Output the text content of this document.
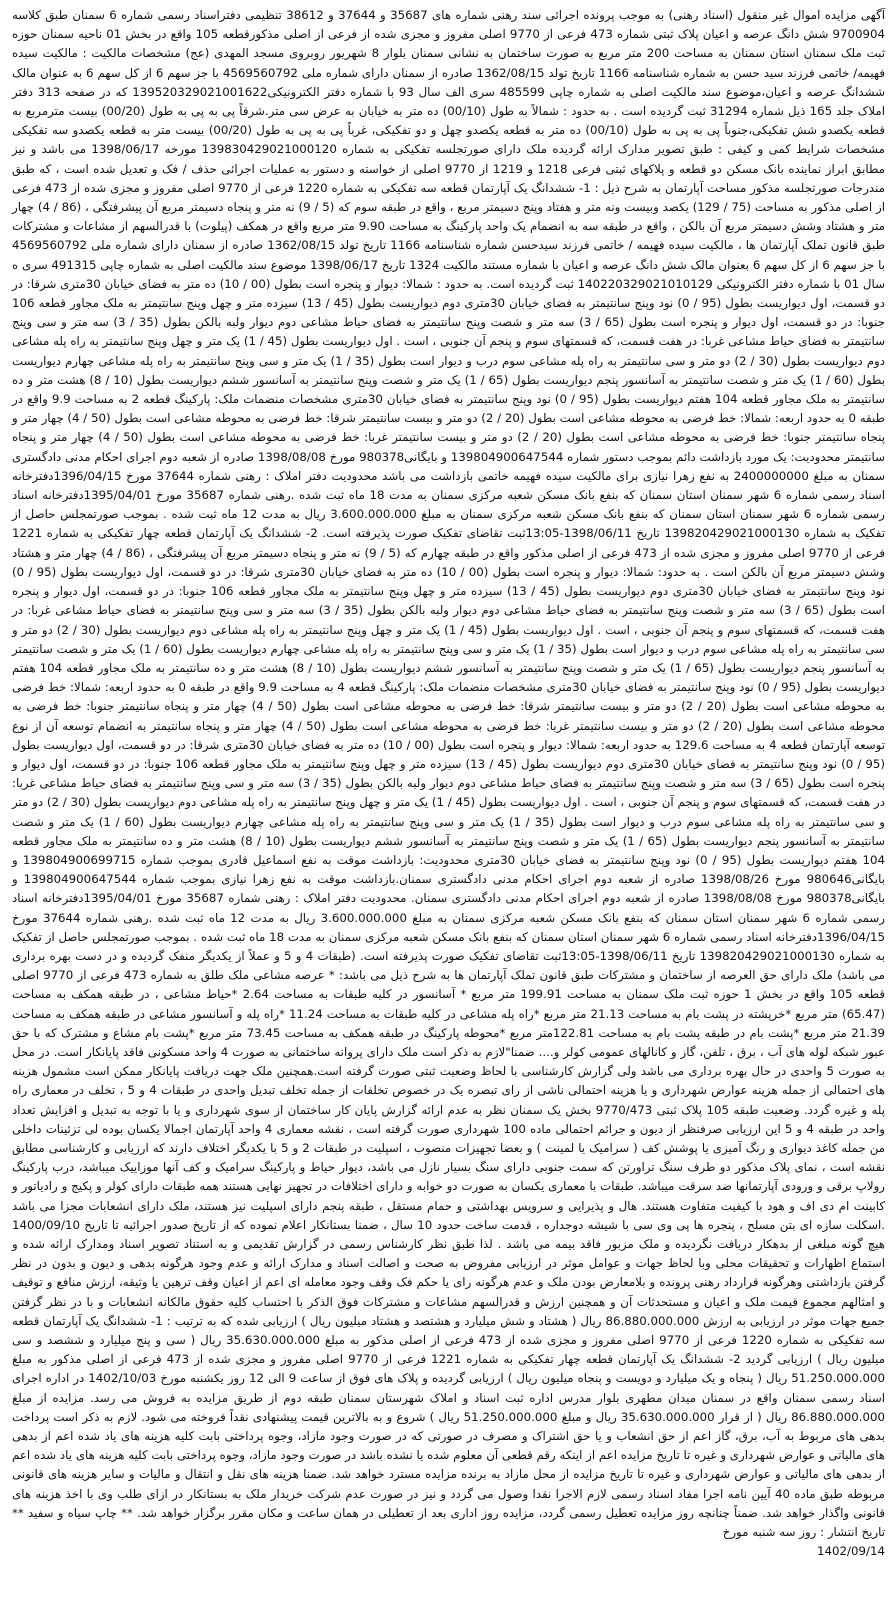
آگهی مزایده اموال غیر منقول (اسناد رهنی) به موجب پرونده اجرائی سند رهنی شماره های 35687 و 37644 و 38612 تنظیمی دفتراسناد رسمی شماره 6 سمنان طبق کلاسه 9700904 شش دانگ عرصه و اعیان پلاک ثبتی شماره 473 فرعی از 9770 اصلی مفروز و مجزی شده از فرعی از اصلی مذکورقطعه 105 واقع در بخش 01 ناحیه سمنان حوزه ثبت ملک سمنان استان سمنان به مساحت 200 متر مربع به صورت ساختمان به نشانی سمنان بلوار 8 شهریور روبروی مسجد المهدی (عج) مشخصات مالکیت : مالکیت سیده فهیمه/ خاتمی فرزند سید حسن به شماره شناسنامه 1166 تاریخ تولد 1362/08/15 صادره از سمنان دارای شماره ملی 4569560792 با جز سهم 6 از کل سهم 6 به عنوان مالک ششدانگ عرصه و اعیان،موضوع سند مالکیت اصلی به شماره چاپی 485599 سری الف سال 93 با شماره دفتر الکترونیکی139520329021001622 که در صفحه 313 دفتر املاک جلد 165 ذیل شماره 31294 ثبت گردیده است . به حدود : شمالاً به طول (00/10) ده متر به خیابان به عرض سی متر.شرقاً پی به پی به طول (00/20) بیست مترمربع به قطعه یکصدو شش تفکیکی،جنوباً پی به پی به طول (00/10) ده متر به قطعه یکصدو چهل و دو تفکیکی، غرباً پی به پی به طول (00/20) بیست متر به قطعه یکصدو سه تفکیکی مشخصات شرایط کمی و کیفی : طبق تصویر مدارک ارائه گردیده ملک دارای صورتجلسه تفکیکی به شماره 139830429021000120 مورخه 1398/06/17 می باشد و نیز مطابق ابراز نماینده بانک مسکن دو قطعه و پلاکهای ثبتی فرعی 1218 و 1219 از 9770 اصلی از خواسته و دستور به عملیات اجرائی حذف / فک و تعدیل شده است ، که طبق مندرجات صورتجلسه مذکور مساحت آپارتمان به شرح ذیل : 1- ششدانگ یک آپارتمان قطعه سه تفکیکی به شماره 1220 فرعی از 9770 اصلی مفروز و مجزی شده از 473 فرعی از اصلی مذکور به مساحت (75 / 129) یکصد وبیست ونه متر و هفتاد وپنج دسیمتر مربع ، واقع در طبقه سوم که (5 / 9) نه متر و پنجاه دسیمتر مربع آن پیشرفتگی ، (86 / 4) چهار متر و هشتاد وشش دسیمتر مربع آن بالکن ، واقع در طبقه سه به انضمام یک واحد پارکینگ به مساحت 9.90 متر مربع واقع در همکف (پیلوت) با قدرالسهم از مشاعات و مشترکات طبق قانون تملک آپارتمان ها ، مالکیت سیده فهیمه / خاتمی فرزند سیدحسن شماره شناسنامه 1166 تاریخ تولد 1362/08/15 صادره از سمنان دارای شماره ملی 4569560792 با جز سهم 6 از کل سهم 6 بعنوان مالک شش دانگ عرصه و اعیان با شماره مستند مالکیت 1324 تاریخ 1398/06/17 موضوع سند مالکیت اصلی به شماره چاپی 491315 سری ه سال 01 با شماره دفتر الکترونیکی 140220329021010129 ثبت گردیده است. به حدود : شمالا: دیوار و پنجره است بطول (00 / 10) ده متر به فضای خیابان 30متری شرقا: در دو قسمت، اول دیواریست بطول (95 / 0) نود وپنج سانتیمتر به فضای خیابان 30متری دوم دیواریست بطول (45 / 13) سیزده متر و چهل وپنج سانتیمتر به ملک مجاور قطعه 106 جنوبا: در دو قسمت، اول دیوار و پنجره است بطول (65 / 3) سه متر و شصت وپنج سانتیمتر به فضای حیاط مشاعی دوم دیوار ولبه بالکن بطول (35 / 3) سه متر و سی وپنج سانتیمتر به فضای حیاط مشاعی غربا: در هفت قسمت، که قسمتهای سوم و پنجم آن جنوبی ، است . اول دیواریست بطول (45 / 1) یک متر و چهل وپنج سانتیمتر به راه پله مشاعی دوم دیواریست بطول (30 / 2) دو متر و سی سانتیمتر به راه پله مشاعی سوم درب و دیوار است بطول (35 / 1) یک متر و سی وپنج سانتیمتر به راه پله مشاعی چهارم دیواریست بطول (60 / 1) یک متر و شصت سانتیمتر به آسانسور پنجم دیواریست بطول (65 / 1) یک متر و شصت وپنج سانتیمتر به آسانسور ششم دیواریست بطول (10 / 8) هشت متر و ده سانتیمتر به ملک مجاور قطعه 104 هفتم دیواریست بطول (95 / 0) نود وپنج سانتیمتر به فضای خیابان 30متری مشخصات منضمات ملک: پارکینگ قطعه 2 به مساحت 9.9 واقع در طبقه 0 به حدود اربعه: شمالا: خط فرضی به محوطه مشاعی است بطول (20 / 2) دو متر و بیست سانتیمتر شرقا: خط فرضی به محوطه مشاعی است بطول (50 / 4) چهار متر و پنجاه سانتیمتر جنوبا: خط فرضی به محوطه مشاعی است بطول (20 / 2) دو متر و بیست سانتیمتر غربا: خط فرضی به محوطه مشاعی است بطول (50 / 4) چهار متر و پنجاه سانتیمتر محدودیت: یک مورد بازداشت دائم بموجب دستور شماره 139804900647544 و بایگانی980378 مورخ 1398/08/08 صادره از شعبه دوم اجرای احکام مدنی دادگستری سمنان به مبلغ 2400000000 به نفع زهرا نیازی برای مالکیت سیده فهیمه خاتمی بازداشت می باشد محدودیت دفتر املاک : رهنی شماره 37644 مورخ 1396/04/15دفترخانه اسناد رسمی شماره 6 شهر سمنان استان سمنان که بنفع بانک مسکن شعبه مرکزی سمنان به مدت 18 ماه ثبت شده .رهنی شماره 35687 مورخ 1395/04/01دفترخانه اسناد رسمی شماره 6 شهر سمنان استان سمنان که بنفع بانک مسکن شعبه مرکزی سمنان به مبلغ 3.600.000.000 ریال به مدت 12 ماه ثبت شده . بموجب صورتمجلس حاصل از تفکیک به شماره 139820429021000130 تاریخ 1398/06/11-13:05ثبت تقاضای تفکیک صورت پذیرفته است. 2- ششدانگ یک آپارتمان قطعه چهار تفکیکی به شماره 1221 فرعی از 9770 اصلی مفروز و مجزی شده از 473 فرعی از اصلی مذکور واقع در طبقه چهارم که (5 / 9) نه متر و پنجاه دسیمتر مربع آن پیشرفتگی ، (86 / 4) چهار متر و هشتاد وشش دسیمتر مربع آن بالکن است . به حدود: شمالا: دیوار و پنجره است بطول (00 / 10) ده متر به فضای خیابان 30متری شرقا: در دو قسمت، اول دیواریست بطول (95 / 0) نود وپنج سانتیمتر به فضای خیابان 30متری دوم دیواریست بطول (45 / 13) سیزده متر و چهل وپنج سانتیمتر به ملک مجاور قطعه 106 جنوبا: در دو قسمت، اول دیوار و پنجره است بطول (65 / 3) سه متر و شصت وپنج سانتیمتر به فضای حیاط مشاعی دوم دیوار ولبه بالکن بطول (35 / 3) سه متر و سی وپنج سانتیمتر به فضای حیاط مشاعی غربا: در هفت قسمت، که قسمتهای سوم و پنجم آن جنوبی ، است . اول دیواریست بطول (45 / 1) یک متر و چهل وپنج سانتیمتر به راه پله مشاعی دوم دیواریست بطول (30 / 2) دو متر و سی سانتیمتر به راه پله مشاعی سوم درب و دیوار است بطول (35 / 1) یک متر و سی وپنج سانتیمتر به راه پله مشاعی چهارم دیواریست بطول (60 / 1) یک متر و شصت سانتیمتر به آسانسور پنجم دیواریست بطول (65 / 1) یک متر و شصت وپنج سانتیمتر به آسانسور ششم دیواریست بطول (10 / 8) هشت متر و ده سانتیمتر به ملک مجاور قطعه 104 هفتم دیواریست بطول (95 / 0) نود وپنج سانتیمتر به فضای خیابان 30متری مشخصات منضمات ملک: پارکینگ قطعه 4 به مساحت 9.9 واقع در طبقه 0 به حدود اربعه: شمالا: خط فرضی به محوطه مشاعی است بطول (20 / 2) دو متر و بیست سانتیمتر شرقا: خط فرضی به محوطه مشاعی است بطول (50 / 4) چهار متر و پنجاه سانتیمتر جنوبا: خط فرضی به محوطه مشاعی است بطول (20 / 2) دو متر و بیست سانتیمتر غربا: خط فرضی به محوطه مشاعی است بطول (50 / 4) چهار متر و پنجاه سانتیمتر به انضمام توسعه آن از نوع توسعه آپارتمان قطعه 4 به مساحت 129.6 به حدود اربعه: شمالا: دیوار و پنجره است بطول (00 / 10) ده متر به فضای خیابان 30متری شرقا: در دو قسمت، اول دیواریست بطول (95 / 0) نود وپنج سانتیمتر به فضای خیابان 30متری دوم دیواریست بطول (45 / 13) سیزده متر و چهل وپنج سانتیمتر به ملک مجاور قطعه 106 جنوبا: در دو قسمت، اول دیوار و پنجره است بطول (65 / 3) سه متر و شصت وپنج سانتیمتر به فضای حیاط مشاعی دوم دیوار ولبه بالکن بطول (35 / 3) سه متر و سی وپنج سانتیمتر به فضای حیاط مشاعی غربا: در هفت قسمت، که قسمتهای سوم و پنجم آن جنوبی ، است . اول دیواریست بطول (45 / 1) یک متر و چهل وپنج سانتیمتر به راه پله مشاعی دوم دیواریست بطول (30 / 2) دو متر و سی سانتیمتر به راه پله مشاعی سوم درب و دیوار است بطول (35 / 1) یک متر و سی وپنج سانتیمتر به راه پله مشاعی چهارم دیواریست بطول (60 / 1) یک متر و شصت سانتیمتر به آسانسور پنجم دیواریست بطول (65 / 1) یک متر و شصت وپنج سانتیمتر به آسانسور ششم دیواریست بطول (10 / 8) هشت متر و ده سانتیمتر به ملک مجاور قطعه 104 هفتم دیواریست بطول (95 / 0) نود وپنج سانتیمتر به فضای خیابان 30متری محدودیت: بازداشت موقت به نفع اسماعیل قادری بموجب شماره 139804900699715 و بایگانی980646 مورخ 1398/08/26 صادره از شعبه دوم اجرای احکام مدنی دادگستری سمنان.بازداشت موقت به نفع زهرا نیازی بموجب شماره 139804900647544 و بایگانی980378 مورخ 1398/08/08 صادره از شعبه دوم اجرای احکام مدنی دادگستری سمنان. محدودیت دفتر املاک : رهنی شماره 35687 مورخ 1395/04/01دفترخانه اسناد رسمی شماره 6 شهر سمنان استان سمنان که بنفع بانک مسکن شعبه مرکزی سمنان به مبلغ 3.600.000.000 ریال به مدت 12 ماه ثبت شده .رهنی شماره 37644 مورخ 1396/04/15دفترخانه اسناد رسمی شماره 6 شهر سمنان استان سمنان که بنفع بانک مسکن شعبه مرکزی سمنان به مدت 18 ماه ثبت شده . بموجب صورتمجلس حاصل از تفکیک به شماره 139820429021000130 تاریخ 1398/06/11-13:05ثبت تقاضای تفکیک صورت پذیرفته است. (طبقات 4 و 5 و عملاً از یکدیگر منفک گردیده و در دست بهره برداری می باشد) ملک دارای حق العرصه از ساختمان و مشترکات طبق قانون تملک آپارتمان ها به شرح ذیل می باشد: * عرصه مشاعی ملک طلق به شماره 473 فرعی از 9770 اصلی قطعه 105 واقع در بخش 1 حوزه ثبت ملک سمنان به مساحت 199.91 متر مربع * آسانسور در کلیه طبقات به مساحت 2.64 *حیاط مشاعی ، در طبقه همکف به مساحت (65.47) متر مربع *خرپشته در پشت بام به مساحت 21.13 متر مربع *راه پله مشاعی در کلیه طبقات به مساحت 11.24 *راه پله و آسانسور مشاعی در طبقه همکف به مساحت 21.39 متر مربع *پشت بام در طبقه پشت بام به مساحت 122.81متر مربع *محوطه پارکینگ در طبقه همکف به مساحت 73.45 متر مربع *پشت بام مشاع و مشترک که با حق عبور شبکه لوله های آب ، برق ، تلفن، گاز و کانالهای عمومی کولر و.... ضمنا"لازم به ذکر است ملک دارای پروانه ساختمانی به صورت 4 واحد مسکونی فاقد پایانکار است. در محل به صورت 5 واحدی در حال بهره برداری می باشد ولی گزارش کارشناسی با لحاظ وضعیت ثبتی صورت گرفته است.همچنین ملک جهت دریافت پایانکار ممکن است مشمول هزینه های احتمالی از جمله هزینه عوارض شهرداری و یا هزینه احتمالی ناشی از رای تبصره یک در خصوص تخلفات از جمله تخلف تبدیل واحدی در طبقات 4 و 5 ، تخلف در معماری راه پله و غیره گردد. وضعیت طبقه 105 پلاک ثبتی 9770/473 بخش یک سمنان نظر به عدم ارائه گزارش پایان کار ساختمان از سوی شهرداری و یا با توجه به تبدیل و افزایش تعداد واحد در طبقه 4 و 5 این ارزیابی صرفنظر از دیون و جرائم احتمالی ماده 100 شهرداری صورت گرفته است ، نقشه معماری 4 واحد آپارتمان اجمالا یکسان بوده لی تزئینات داخلی من جمله کاغذ دیواری و رنگ آمیزی یا پوشش کف ( سرامیک یا لمینت ) و بعضا تجهیزات منصوب ، اسپلیت در طبقات 2 و 5 با یکدیگر اختلاف دارند که ارزیابی و کارشناسی مطابق نقشه است ، نمای پلاک مذکور دو طرف سنگ تراورتن که سمت جنوبی دارای سنگ بسیار نازل می باشد، دیوار حیاط و پارکینگ سرامیک و کف آنها موزاییک میباشد، درب پارکینگ رولاپ برقی و ورودی آپارتمانها ضد سرقت میباشد. طبقات با معماری یکسان به صورت دو خوابه و دارای اختلافات در تجهیز نهایی هستند همه طبقات دارای کولر و پکیج و رادیاتور و کابینت ام دی اف و هود با کیفیت متفاوت هستند. هال و پذیرایی و سرویس بهداشتی و حمام مستقل ، طبقه پنجم دارای اسپلیت نیز هستند، ملک دارای انشعابات مجزا می باشد .اسکلت سازه ای بتن مسلح ، پنجره ها پی وی سی با شیشه دوجداره ، قدمت ساخت حدود 10 سال ، ضمنا بستانکار اعلام نموده که از تاریخ صدور اجرائیه تا تاریخ 1400/09/10 هیچ گونه مبلغی از بدهکار دریافت نگردیده و ملک مزبور فاقد بیمه می باشد . لذا طبق نظر کارشناس رسمی در گزارش تقدیمی و به استناد تصویر اسناد ومدارک ارائه شده و استماع اظهارات و تحقیقات محلی وبا لحاظ جهات و عوامل موثر در ارزیابی مفروض به صحت و اصالت اسناد و مدارک ارائه و عدم وجود هرگونه بدهی و دیون و بدون در نظر گرفتن بازداشتی وهرگونه قرارداد رهنی پرونده و بلامعارض بودن ملک و عدم هرگونه رای یا حکم فک وقف وجود معامله ای اعم از اعیان وقف ترهین یا وثیقه، ارزش منافع و توقیف و امثالهم مجموع قیمت ملک و اعیان و مستحدثات آن و همچنین ارزش و قدرالسهم مشاعات و مشترکات فوق الذکر با احتساب کلیه حقوق مالکانه انشعابات و با در نظر گرفتن جمیع جهات موثر در ارزیابی به ارزش 86.880.000.000 ریال ( هشتاد و شش میلیارد و هشتصد و هشتاد میلیون ریال ) ارزیابی شده که به ترتیب : 1- ششدانگ یک آپارتمان قطعه سه تفکیکی به شماره 1220 فرعی از 9770 اصلی مفروز و مجزی شده از 473 فرعی از اصلی مذکور به مبلغ 35.630.000.000 ریال ( سی و پنج میلیارد و ششصد و سی میلیون ریال ) ارزیابی گردید 2- ششدانگ یک آپارتمان قطعه چهار تفکیکی به شماره 1221 فرعی از 9770 اصلی مفروز و مجزی شده از 473 فرعی از اصلی مذکور به مبلغ 51.250.000.000 ریال ( پنجاه و یک میلیارد و دویست و پنجاه میلیون ریال ) ارزیابی گردیده و پلاک های فوق از ساعت 9 الی 12 روز یکشنبه مورخ 1402/10/03 در اداره اجرای اسناد رسمی سمنان واقع در سمنان میدان مطهری بلوار مدرس اداره ثبت اسناد و املاک شهرستان سمنان طبقه دوم از طریق مزایده به فروش می رسد. مزایده از مبلغ 86.880.000.000 ریال ( از قرار 35.630.000.000 ریال و مبلغ 51.250.000.000 ریال ) شروع و به بالاترین قیمت پیشنهادی نقداً فروخته می شود. لازم به ذکر است پرداخت بدهی های مربوط به آب، برق، گاز اعم از حق انشعاب و یا حق اشتراک و مصرف در صورتی که در صورت وجود مازاد، وجوه پرداختی بابت کلیه هزینه های یاد شده اعم از بدهی های مالیاتی و عوارض شهرداری و غیره تا تاریخ مزایده اعم از اینکه رقم قطعی آن معلوم شده یا نشده باشد در صورت وجود مازاد، وجوه پرداختی بابت کلیه هزینه های یاد شده اعم از بدهی های مالیاتی و عوارض شهرداری و غیره تا تاریخ مزایده از محل مازاد به برنده مزایده مسترد خواهد شد. ضمنا هزینه های نقل و انتقال و مالیات و سایر هزینه های قانونی مربوطه طبق ماده 40 آیین نامه اجرا مفاد اسناد رسمی لازم الاجرا نقدا وصول می گردد و نیز در صورت عدم شرکت خریدار ملک به بستانکار در ازای طلب وی با اخذ هزینه های قانونی واگذار خواهد شد. ضمناً چنانچه روز مزایده تعطیل رسمی گردد، مزایده روز اداری بعد از تعطیلی در همان ساعت و مکان مقرر برگزار خواهد شد. ** چاپ سیاه و سفید ** تاریخ انتشار : روز سه شنبه مورخ

1402/09/14
